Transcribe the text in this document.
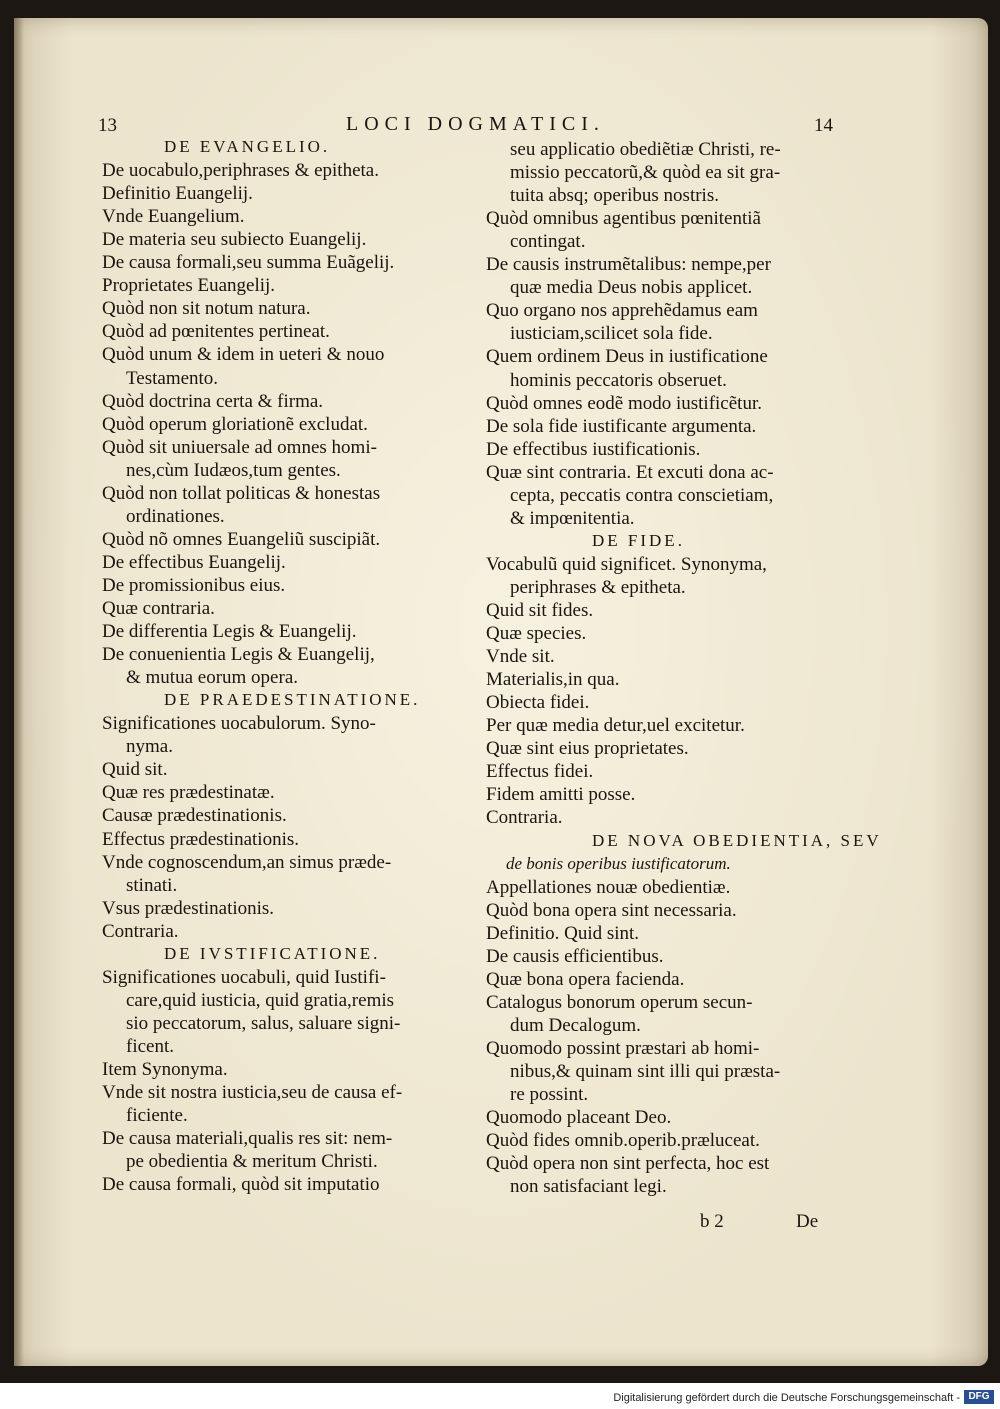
13	LOCI DOGMATICI.	14
DE EVANGELIO.
De uocabulo,periphrases & epitheta.
Definitio Euangelij.
Vnde Euangelium.
De materia seu subiecto Euangelij.
De causa formali,seu summa Euãgelij.
Proprietates Euangelij.
Quòd non sit notum natura.
Quòd ad pœnitentes pertineat.
Quòd unum & idem in ueteri & nouo
Testamento.
Quòd doctrina certa & firma.
Quòd operum gloriationẽ excludat.
Quòd sit uniuersale ad omnes homi-
nes,cùm Iudæos,tum gentes.
Quòd non tollat politicas & honestas
ordinationes.
Quòd nõ omnes Euangeliũ suscipiãt.
De effectibus Euangelij.
De promissionibus eius.
Quæ contraria.
De differentia Legis & Euangelij.
De conuenientia Legis & Euangelij,
& mutua eorum opera.
DE PRAEDESTINATIONE.
Significationes uocabulorum. Syno-
nyma.
Quid sit.
Quæ res prædestinatæ.
Causæ prædestinationis.
Effectus prædestinationis.
Vnde cognoscendum,an simus præde-
stinati.
Vsus prædestinationis.
Contraria.
DE IVSTIFICATIONE.
Significationes uocabuli, quid Iustifi-
care,quid iusticia, quid gratia,remis
sio peccatorum, salus, saluare signi-
ficent.
Item Synonyma.
Vnde sit nostra iusticia,seu de causa ef-
ficiente.
De causa materiali,qualis res sit: nem-
pe obedientia & meritum Christi.
De causa formali, quòd sit imputatio
seu applicatio obediẽtiæ Christi, re-
missio peccatorũ,& quòd ea sit gra-
tuita absq; operibus nostris.
Quòd omnibus agentibus pœnitentiã
contingat.
De causis instrumẽtalibus: nempe,per
quæ media Deus nobis applicet.
Quo organo nos apprehẽdamus eam
iusticiam,scilicet sola fide.
Quem ordinem Deus in iustificatione
hominis peccatoris obseruet.
Quòd omnes eodẽ modo iustificẽtur.
De sola fide iustificante argumenta.
De effectibus iustificationis.
Quæ sint contraria. Et excuti dona ac-
cepta, peccatis contra conscietiam,
& impœnitentia.
DE FIDE.
Vocabulũ quid significet. Synonyma,
periphrases & epitheta.
Quid sit fides.
Quæ species.
Vnde sit.
Materialis,in qua.
Obiecta fidei.
Per quæ media detur,uel excitetur.
Quæ sint eius proprietates.
Effectus fidei.
Fidem amitti posse.
Contraria.
DE NOVA OBEDIENTIA, SEV
de bonis operibus iustificatorum.
Appellationes nouæ obedientiæ.
Quòd bona opera sint necessaria.
Definitio. Quid sint.
De causis efficientibus.
Quæ bona opera facienda.
Catalogus bonorum operum secun-
dum Decalogum.
Quomodo possint præstari ab homi-
nibus,& quinam sint illi qui præsta-
re possint.
Quomodo placeant Deo.
Quòd fides omnib.operib.præluceat.
Quòd opera non sint perfecta, hoc est
non satisfaciant legi.
b 2	De
Digitalisierung gefördert durch die Deutsche Forschungsgemeinschaft - DFG
